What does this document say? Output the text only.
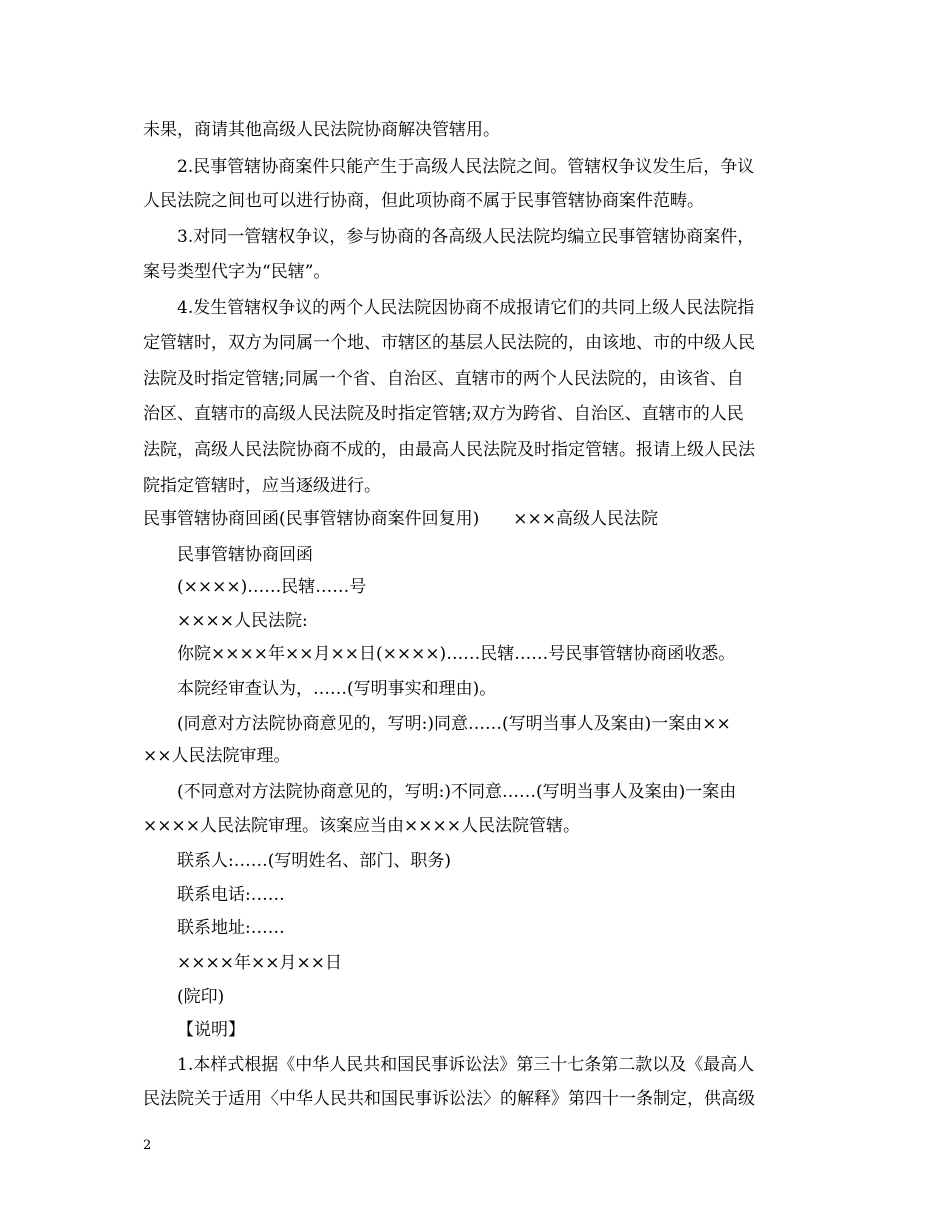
未果，商请其他高级人民法院协商解决管辖用。
2.民事管辖协商案件只能产生于高级人民法院之间。管辖权争议发生后，争议
人民法院之间也可以进行协商，但此项协商不属于民事管辖协商案件范畴。
3.对同一管辖权争议，参与协商的各高级人民法院均编立民事管辖协商案件，
案号类型代字为“民辖”。
4.发生管辖权争议的两个人民法院因协商不成报请它们的共同上级人民法院指
定管辖时，双方为同属一个地、市辖区的基层人民法院的，由该地、市的中级人民
法院及时指定管辖;同属一个省、自治区、直辖市的两个人民法院的，由该省、自
治区、直辖市的高级人民法院及时指定管辖;双方为跨省、自治区、直辖市的人民
法院，高级人民法院协商不成的，由最高人民法院及时指定管辖。报请上级人民法
院指定管辖时，应当逐级进行。
民事管辖协商回函(民事管辖协商案件回复用)　　×××高级人民法院
民事管辖协商回函
(××××)……民辖……号
××××人民法院:
你院××××年××月××日(××××)……民辖……号民事管辖协商函收悉。
本院经审查认为，……(写明事实和理由)。
(同意对方法院协商意见的，写明:)同意……(写明当事人及案由)一案由××
××人民法院审理。
(不同意对方法院协商意见的，写明:)不同意……(写明当事人及案由)一案由
××××人民法院审理。该案应当由××××人民法院管辖。
联系人:……(写明姓名、部门、职务)
联系电话:……
联系地址:……
××××年××月××日
(院印)
【说明】
1.本样式根据《中华人民共和国民事诉讼法》第三十七条第二款以及《最高人
民法院关于适用〈中华人民共和国民事诉讼法〉的解释》第四十一条制定，供高级
2
